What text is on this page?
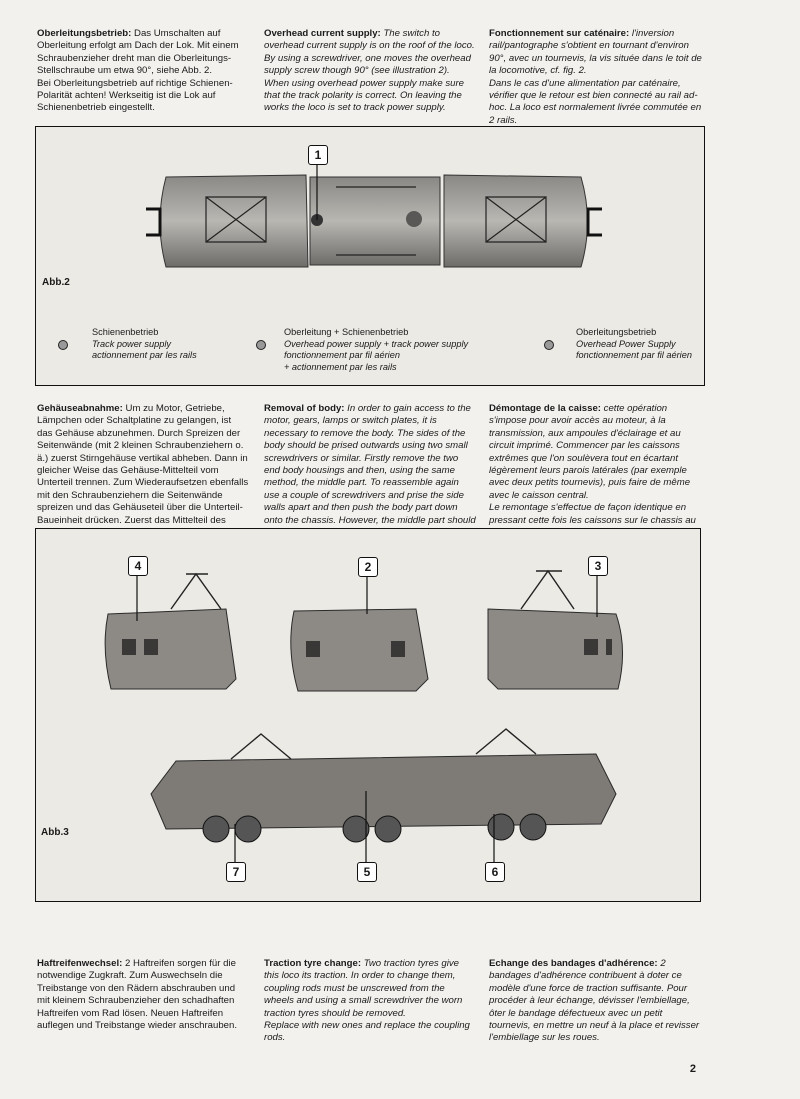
Oberleitungsbetrieb: Das Umschalten auf Oberleitung erfolgt am Dach der Lok. Mit einem Schraubenzieher dreht man die Oberleitungs-Stellschraube um etwa 90°, siehe Abb. 2.

Bei Oberleitungsbetrieb auf richtige Schienen-Polarität achten! Werkseitig ist die Lok auf Schienenbetrieb eingestellt.

Overhead current supply: The switch to overhead current supply is on the roof of the loco. By using a screwdriver, one moves the overhead supply screw though 90° (see illustration 2). When using overhead power supply make sure that the track polarity is correct. On leaving the works the loco is set to track power supply.

Fonctionnement sur caténaire: l'inversion rail/pantographe s'obtient en tournant d'environ 90°, avec un tournevis, la vis située dans le toit de la locomotive, cf. fig. 2.

Dans le cas d'une alimentation par caténaire, vérifier que le retour est bien connecté au rail ad-hoc. La loco est normalement livrée commutée en 2 rails.

1
Abb.2
Schienenbetrieb
Track power supply
actionnement par les rails
Oberleitung + Schienenbetrieb
Overhead power supply + track power supply
fonctionnement par fil aérien
+ actionnement par les rails
Oberleitungsbetrieb
Overhead Power Supply
fonctionnement par fil aérien

Gehäuseabnahme: Um zu Motor, Getriebe, Lämpchen oder Schaltplatine zu gelangen, ist das Gehäuse abzunehmen. Durch Spreizen der Seitenwände (mit 2 kleinen Schraubenziehern o. ä.) zuerst Stirngehäuse vertikal abheben. Dann in gleicher Weise das Gehäuse-Mittelteil vom Unterteil trennen. Zum Wiederaufsetzen ebenfalls mit den Schraubenziehern die Seitenwände spreizen und das Gehäuseteil über die Unterteil-Baueinheit drücken. Zuerst das Mittelteil des

Removal of body: In order to gain access to the motor, gears, lamps or switch plates, it is necessary to remove the body. The sides of the body should be prised outwards using two small screwdrivers or similar. Firstly remove the two end body housings and then, using the same method, the middle part. To reassemble again use a couple of screwdrivers and prise the side walls apart and then push the body part down onto the chassis. However, the middle part should

Démontage de la caisse: cette opération s'impose pour avoir accès au moteur, à la transmission, aux ampoules d'éclairage et au circuit imprimé. Commencer par les caissons extrêmes que l'on soulèvera tout en écartant légèrement leurs parois latérales (par exemple avec deux petits tournevis), puis faire de même avec le caisson central.

Le remontage s'effectue de façon identique en pressant cette fois les caissons sur le chassis au

4	2	3
7	5	6
Abb.3

Haftreifenwechsel: 2 Haftreifen sorgen für die notwendige Zugkraft. Zum Auswechseln die Treibstange von den Rädern abschrauben und mit kleinem Schraubenzieher den schadhaften Haftreifen vom Rad lösen. Neuen Haftreifen auflegen und Treibstange wieder anschrauben.

Traction tyre change: Two traction tyres give this loco its traction. In order to change them, coupling rods must be unscrewed from the wheels and using a small screwdriver the worn traction tyres should be removed.

Replace with new ones and replace the coupling rods.

Echange des bandages d'adhérence: 2 bandages d'adhérence contribuent à doter ce modèle d'une force de traction suffisante. Pour procéder à leur échange, dévisser l'embiellage, ôter le bandage défectueux avec un petit tournevis, en mettre un neuf à la place et revisser l'embiellage sur les roues.

2
